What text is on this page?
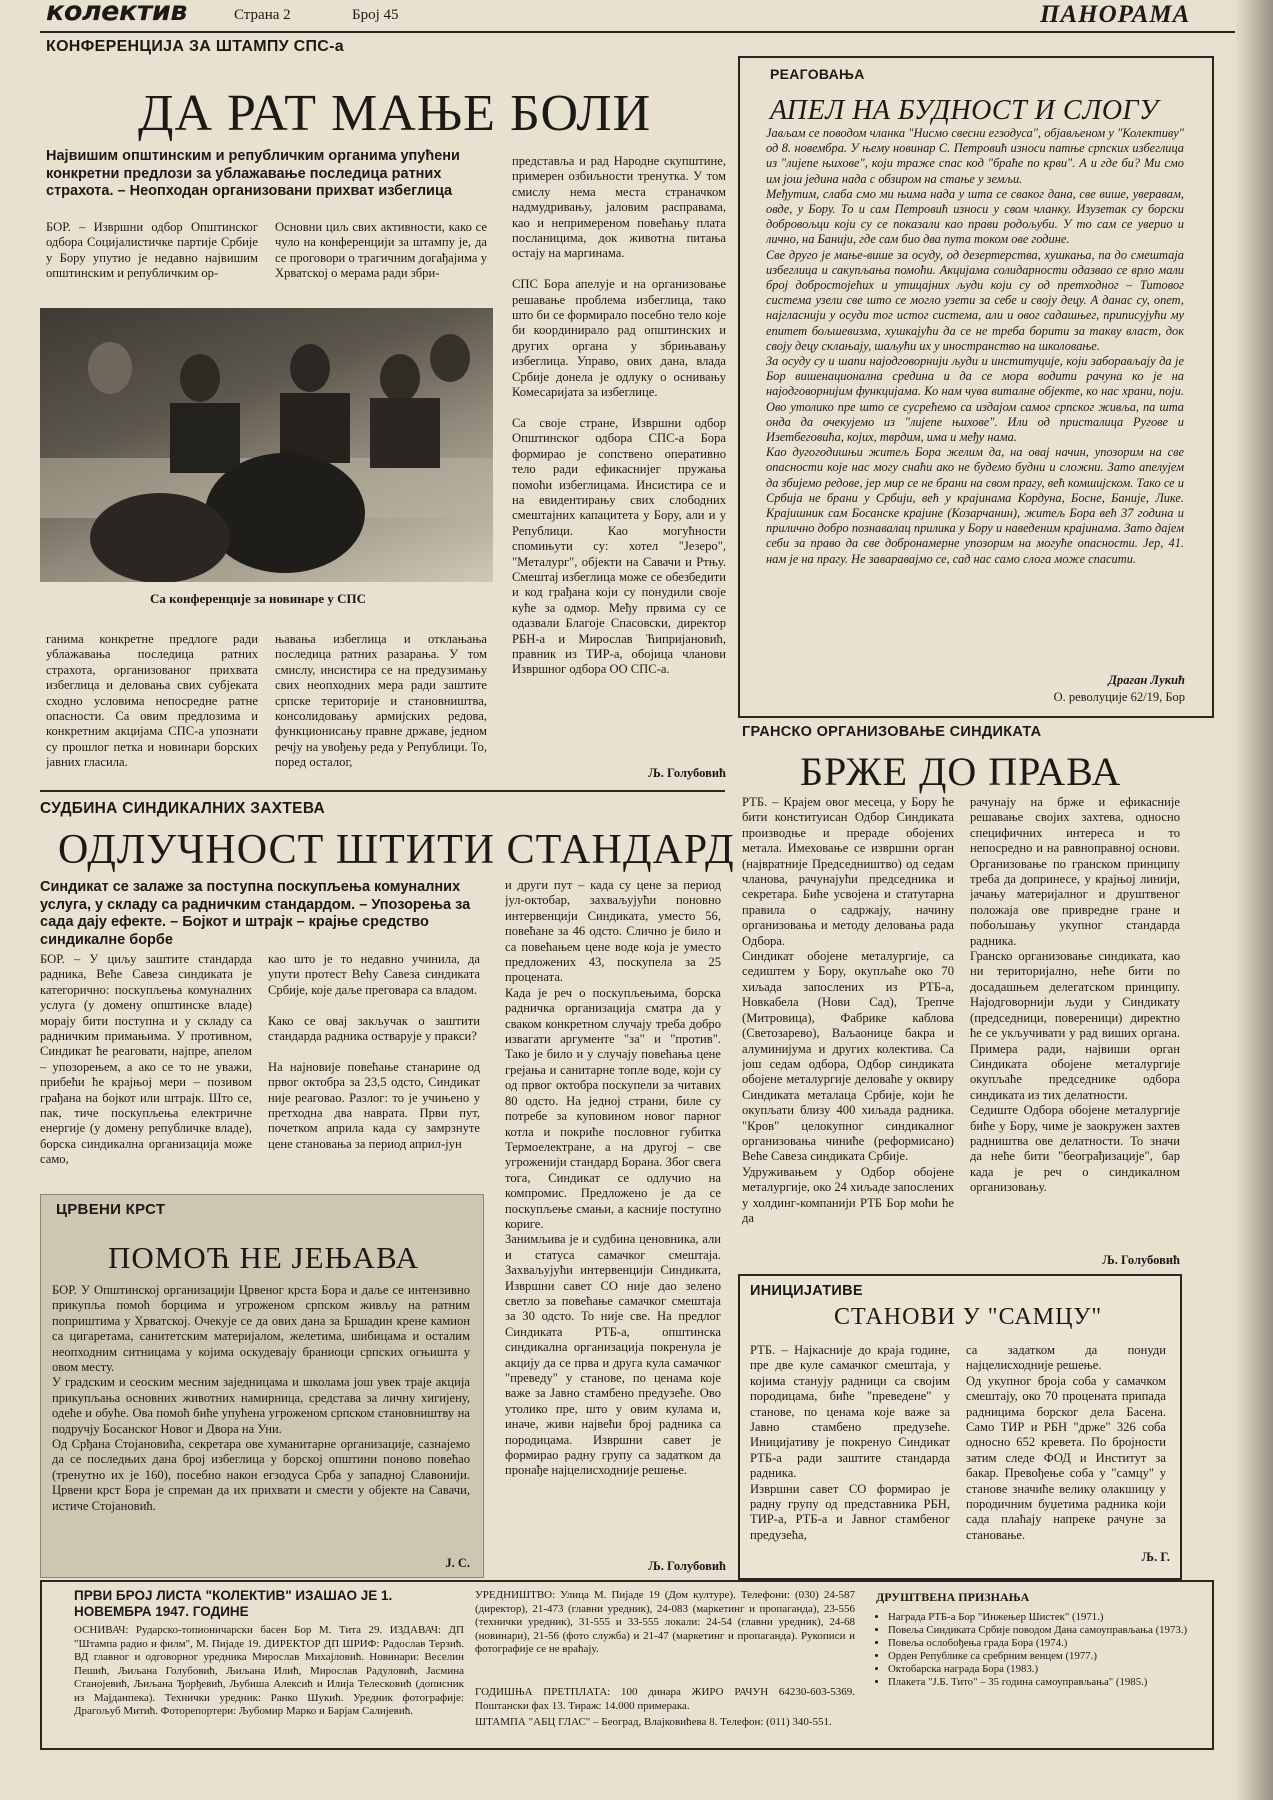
колектив	Страна 2	Број 45	ПАНОРАМА
КОНФЕРЕНЦИЈА ЗА ШТАМПУ СПС-а
ДА РАТ МАЊЕ БОЛИ
Највишим општинским и републичким органима упућени конкретни предлози за ублажавање последица ратних страхота. – Неопходан организовани прихват избеглица
БОР. – Извршни одбор Општинског одбора Социјалистичке партије Србије у Бору упутио је недавно највишим општинским и републичким ор-
Основни циљ свих активности, како се чуло на конференцији за штампу је, да се проговори о трагичним догађајима у Хрватској о мерама ради збри-
представља и рад Народне скупштине, примерен озбиљности тренутка. У том смислу нема места страначком надмудривању, јаловим расправама, као и непримереном повећању плата посланицима, док животна питања остају на маргинама.

СПС Бора апелује и на организовање решавање проблема избеглица, тако што би се формирало посебно тело које би координирало рад општинских и других органа у збрињавању избеглица. Управо, ових дана, влада Србије донела је одлуку о оснивању Комесаријата за избеглице.

Са своје стране, Извршни одбор Општинског одбора СПС-а Бора формирао је сопствено оперативно тело ради ефикаснијег пружања помоћи избеглицама. Инсистира се и на евидентирању свих слободних смештајних капацитета у Бору, али и у Републици. Као могућности спомињути су: хотел "Језеро", "Металург", објекти на Савачи и Ртњу. Смештај избеглица може се обезбедити и код грађана који су понудили своје куће за одмор. Међу првима су се одазвали Благоје Спасовски, директор РБН-а и Мирослав Ћипријановић, правник из ТИР-а, обојица чланови Извршног одбора ОО СПС-а.
Са конференције за новинаре у СПС
ганима конкретне предлоге ради ублажавања последица ратних страхота, организованог прихвата избеглица и деловања свих субјеката сходно условима непосредне ратне опасности. Са овим предлозима и конкретним акцијама СПС-а упознати су прошлог петка и новинари борских јавних гласила.
њавања избеглица и отклањања последица ратних разарања. У том смислу, инсистира се на предузимању свих неопходних мера ради заштите српске територије и становништва, консолидовању армијских редова, функционисању правне државе, једном речју на увођењу реда у Републици. То, поред осталог,
Љ. Голубовић
РЕАГОВАЊА
АПЕЛ НА БУДНОСТ И СЛОГУ
Јављам се поводом чланка "Нисмо свесни егзодуса", објављеном у "Колективу" од 8. новембра. У њему новинар С. Петровић износи патње српских избеглица из "лијепе њихове", који траже спас код "браће по крви". А и где би? Ми смо им још једина нада с обзиром на стање у земљи.
Међутим, слаба смо ми њима нада у шта се сваког дана, све више, уверавам, овде, у Бору. То и сам Петровић износи у свом чланку. Изузетак су борски добровољци који су се показали као прави родољуби. У то сам се уверио и лично, на Банији, где сам био два пута током ове године.
Све друго је мање-више за осуду, од дезертерства, хушкања, па до смештаја избеглица и сакупљања помоћи. Акцијама солидарности одазвао се врло мали број добростојећих и утицајних људи који су од претходног – Титовог система узели све што се могло узети за себе и своју децу. А данас су, опет, најгласнији у осуди тог истог система, али и овог садашњег, приписујући му епитет бољшевизма, хушкајући да се не треба борити за такву власт, док своју децу склањају, шаљући их у иностранство на школовање.
За осуду су и шапи најодговорнији људи и институције, који заборављају да је Бор вишенационална средина и да се мора водити рачуна ко је на најодговорнијим функцијама. Ко нам чува виталне објекте, ко нас храни, поји. Ово утолико пре што се сусрећемо са издајом самог српског живља, па шта онда да очекујемо из "лијепе њихове". Или од присталица Ругове и Изетбеговића, којих, тврдим, има и међу нама.
Као дугогодишњи житељ Бора желим да, на овај начин, упозорим на све опасности које нас могу снаћи ако не будемо будни и сложни. Зато апелујем да збијемо редове, јер мир се не брани на свом прагу, већ комшијском. Тако се и Србија не брани у Србији, већ у крајинама Кордуна, Босне, Баније, Лике. Крајишник сам Босанске крајине (Козарчанин), житељ Бора већ 37 година и прилично добро познавалац прилика у Бору и наведеним крајинама. Зато дајем себи за право да све добронамерне упозорим на могуће опасности. Јер, 41. нам је на прагу. Не заваравајмо се, сад нас само слога може спасити.
Драган Лукић
О. револуције 62/19, Бор
ГРАНСКО ОРГАНИЗОВАЊЕ СИНДИКАТА
БРЖЕ ДО ПРАВА
РТБ. – Крајем овог месеца, у Бору ће бити конституисан Одбор Синдиката производње и прераде обојених метала. Имеховање се извршни орган (највратније Председништво) од седам чланова, рачунајући председника и секретара. Биће усвојена и статутарна правила о садржају, начину организовања и методу деловања рада Одбора.
Синдикат обојене металургије, са седиштем у Бору, окупљаће око 70 хиљада запослених из РТБ-а, Новкабела (Нови Сад), Трепче (Митровица), Фабрике каблова (Светозарево), Ваљаонице бакра и алуминијума и других колектива. Са још седам одбора, Одбор синдиката обојене металургије деловаће у оквиру Синдиката металаца Србије, који ће окупљати близу 400 хиљада радника. "Кров" целокупног синдикалног организовања чиниће (реформисано) Веће Савеза синдиката Србије.
Удруживањем у Одбор обојене металургије, око 24 хиљаде запослених у холдинг-компанији РТБ Бор моћи ће да
рачунају на брже и ефикасније решавање својих захтева, односно специфичних интереса и то непосредно и на равноправној основи. Организовање по гранском принципу треба да допринесе, у крајњој линији, јачању материјалног и друштвеног положаја ове привредне гране и побољшању укупног стандарда радника.
Гранско организовање синдиката, као ни територијално, неће бити по досадашњем делегатском принципу. Најодговорнији људи у Синдикату (председници, повереници) директно ће се укључивати у рад виших органа. Примера ради, највиши орган Синдиката обојене металургије окупљаће председнике одбора синдиката из тих делатности.
Седиште Одбора обојене металургије биће у Бору, чиме је заокружен захтев радништва ове делатности. То значи да неће бити "београђизације", бар када је реч о синдикалном организовању.
Љ. Голубовић
СУДБИНА СИНДИКАЛНИХ ЗАХТЕВА
ОДЛУЧНОСТ ШТИТИ СТАНДАРД
Синдикат се залаже за поступна поскупљења комуналних услуга, у складу са радничким стандардом. – Упозорења за сада дају ефекте. – Бојкот и штрајк – крајње средство синдикалне борбе
БОР. – У циљу заштите стандарда радника, Веће Савеза синдиката је категорично: поскупљења комуналних услуга (у домену општинске владе) морају бити поступна и у складу са радничким примањима. У противном, Синдикат ће реаговати, најпре, апелом – упозорењем, а ако се то не уважи, прибећи ће крајњој мери – позивом грађана на бојкот или штрајк. Што се, пак, тиче поскупљења електричне енергије (у домену републичке владе), борска синдикална организација може само,
као што је то недавно учинила, да упути протест Већу Савеза синдиката Србије, које даље преговара са владом.

Како се овај закључак о заштити стандарда радника остварује у пракси?

На најновије повећање станарине од првог октобра за 23,5 одсто, Синдикат није реаговао. Разлог: то је учињено у претходна два навратa. Први пут, почетком априла када су замрзнуте цене становања за период април-јун
и други пут – када су цене за период јул-октобар, захваљујући поновно интервенцији Синдиката, уместо 56, повећане за 46 одсто. Слично је било и са повећањем цене воде која је уместо предложених 43, поскупела за 25 процената.
Када је реч о поскупљењима, борска радничка организација сматра да у сваком конкретном случају треба добро извагати аргументе "за" и "против". Тако је било и у случају повећања цене грејања и санитарне топле воде, који су од првог октобра поскупели за читавих 80 одсто. На једној страни, биле су потребе за куповином новог парног котла и покриће пословног губитка Термоелектране, а на другој – све угроженији стандард Борана. Због свега тога, Синдикат се одлучио на компромис. Предложено је да се поскупљење смањи, а касније поступно кориге.
Занимљива је и судбина ценовника, али и статуса самачког смештаја. Захваљујући интервенцији Синдиката, Извршни савет СО није дао зелено светло за повећање самачког смештаја за 30 одсто. То није све. На предлог Синдиката РТБ-а, општинска синдикална организација покренула је акцију да се прва и друга кула самачког "преведу" у станове, по ценама које важе за Јавно стамбено предузеће. Ово утолико пре, што у овим кулама и, иначе, живи највећи број радника са породицама. Извршни савет је формирао радну групу са задатком да пронађе најцелисходније решење.
Љ. Голубовић
ЦРВЕНИ КРСТ
ПОМОЋ НЕ ЈЕЊАВА
БОР. У Општинској организацији Црвеног крста Бора и даље се интензивно прикупља помоћ борцима и угроженом српском живљу на ратним поприштима у Хрватској. Очекује се да ових дана за Бршадин крене камион са цигаретама, санитетским материјалом, желетима, шибицама и осталим неопходним ситницама у којима оскудевају браниоци српских огњишта у овом месту.
У градским и сеоским месним заједницама и школама још увек траје акција прикупљања основних животних намирница, средстава за личну хигијену, одеће и обуће. Ова помоћ биће упућена угроженом српском становништву на подручју Босанског Новог и Двора на Уни.
Од Срђана Стојановића, секретара ове хуманитарне организације, сазнајемо да се последњих дана број избеглица у борској општини поново повећао (тренутно их је 160), посебно након егзодуса Срба у западној Славонији. Црвени крст Бора је спреман да их прихвати и смести у објекте на Савачи, истиче Стојановић.
Ј. С.
ИНИЦИЈАТИВЕ
СТАНОВИ У "САМЦУ"
РТБ. – Најкасније до краја године, пре две куле самачког смештаја, у којима станују радници са својим породицама, биће "преведене" у станове, по ценама које важе за Јавно стамбено предузеће. Иницијативу је покренуо Синдикат РТБ-а ради заштите стандарда радника.
Извршни савет СО формирао је радну групу од представника РБН, ТИР-а, РТБ-а и Јавног стамбеног предузећа,
са задатком да понуди најцелисходније решење.
Од укупног броја соба у самачком смештају, око 70 процената припада радницима борског дела Басена. Само ТИР и РБН "држе" 326 соба односно 652 кревета. По бројности затим следе ФОД и Институт за бакар. Превођење соба у "самцу" у станове значиће велику олакшицу у породичним буџетима радника који сада плаћају напреке рачуне за становање.
Љ. Г.
ПРВИ БРОЈ ЛИСТА "КОЛЕКТИВ" ИЗАШАО ЈЕ 1. НОВЕМБРА 1947. ГОДИНЕ
ОСНИВАЧ: Рударско-топионичарски басен Бор М. Тита 29. ИЗДАВАЧ: ДП "Штампа радио и филм", М. Пијаде 19. ДИРЕКТОР ДП ШРИФ: Радослав Терзић. ВД главног и одговорног уредника Мирослав Михајловић. Новинари: Веселин Пешић, Љиљана Голубовић, Љиљана Илић, Мирослав Радуловић, Јасмина Станојевић, Љиљана Ђорђевић, Љубиша Алексић и Илија Телесковић (дописник из Мајданпека). Технички уредник: Ранко Шукић. Уредник фотографије: Драгољуб Митић. Фоторепортери: Љубомир Марко и Барјам Салијевић.
УРЕДНИШТВО: Улица М. Пијаде 19 (Дом културе). Телефони: (030) 24-587 (директор), 21-473 (главни уредник), 24-083 (маркетинг и пропаганда), 23-556 (технички уредник), 31-555 и 33-555 локали: 24-54 (главни уредник), 24-68 (новинари), 21-56 (фото служба) и 21-47 (маркетинг и пропаганда). Рукописи и фотографије се не враћају.
ГОДИШЊА ПРЕТПЛАТА: 100 динара ЖИРО РАЧУН 64230-603-5369. Поштански фах 13. Тираж: 14.000 примерака.
ШТАМПА "АБЦ ГЛАС" – Београд, Влајковићева 8. Телефон: (011) 340-551.
ДРУШТВЕНА ПРИЗНАЊА
• Награда РТБ-а Бор "Инжењер Шистек" (1971.)
• Повеља Синдиката Србије поводом Дана самоуправљања (1973.)
• Повеља ослобођења града Бора (1974.)
• Орден Републике са сребрним венцем (1977.)
• Октобарска награда Бора (1983.)
• Плакета "Ј.Б. Тито" – 35 година самоуправљања" (1985.)
